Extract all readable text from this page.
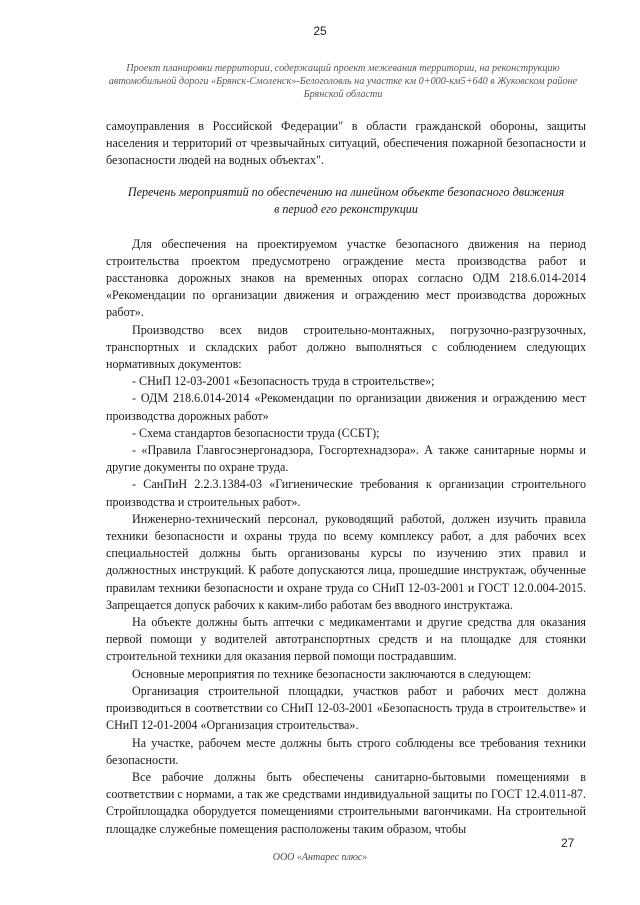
25
Проект планировки территории, содержащий проект межевания территории, на реконструкцию
автомобильной дороги «Брянск-Смоленск»-Белоголовль на участке км 0+000-км5+640 в Жуковском районе
Брянской области

самоуправления в Российской Федерации" в области гражданской обороны, защиты населения и территорий от чрезвычайных ситуаций, обеспечения пожарной безопасности и безопасности людей на водных объектах".

Перечень мероприятий по обеспечению на линейном объекте безопасного движения
в период его реконструкции

Для обеспечения на проектируемом участке безопасного движения на период строительства проектом предусмотрено ограждение места производства работ и расстановка дорожных знаков на временных опорах согласно ОДМ 218.6.014-2014 «Рекомендации по организации движения и ограждению мест производства дорожных работ».

Производство всех видов строительно-монтажных, погрузочно-разгрузочных, транспортных и складских работ должно выполняться с соблюдением следующих нормативных документов:

- СНиП 12-03-2001 «Безопасность труда в строительстве»;

- ОДМ 218.6.014-2014 «Рекомендации по организации движения и ограждению мест производства дорожных работ»

- Схема стандартов безопасности труда (ССБТ);

- «Правила Главгосэнергонадзора, Госгортехнадзора». А также санитарные нормы и другие документы по охране труда.

- СанПиН 2.2.3.1384-03 «Гигиенические требования к организации строительного производства и строительных работ».

Инженерно-технический персонал, руководящий работой, должен изучить правила техники безопасности и охраны труда по всему комплексу работ, а для рабочих всех специальностей должны быть организованы курсы по изучению этих правил и должностных инструкций. К работе допускаются лица, прошедшие инструктаж, обученные правилам техники безопасности и охране труда со СНиП 12-03-2001 и ГОСТ 12.0.004-2015. Запрещается допуск рабочих к каким-либо работам без вводного инструктажа.

На объекте должны быть аптечки с медикаментами и другие средства для оказания первой помощи у водителей автотранспортных средств и на площадке для стоянки строительной техники для оказания первой помощи пострадавшим.

Основные мероприятия по технике безопасности заключаются в следующем:

Организация строительной площадки, участков работ и рабочих мест должна производиться в соответствии со СНиП 12-03-2001 «Безопасность труда в строительстве» и СНиП 12-01-2004 «Организация строительства».

На участке, рабочем месте должны быть строго соблюдены все требования техники безопасности.

Все рабочие должны быть обеспечены санитарно-бытовыми помещениями в соответствии с нормами, а так же средствами индивидуальной защиты по ГОСТ 12.4.011-87. Стройплощадка оборудуется помещениями строительными вагончиками. На строительной площадке служебные помещения расположены таким образом, чтобы

27
ООО «Антарес плюс»
